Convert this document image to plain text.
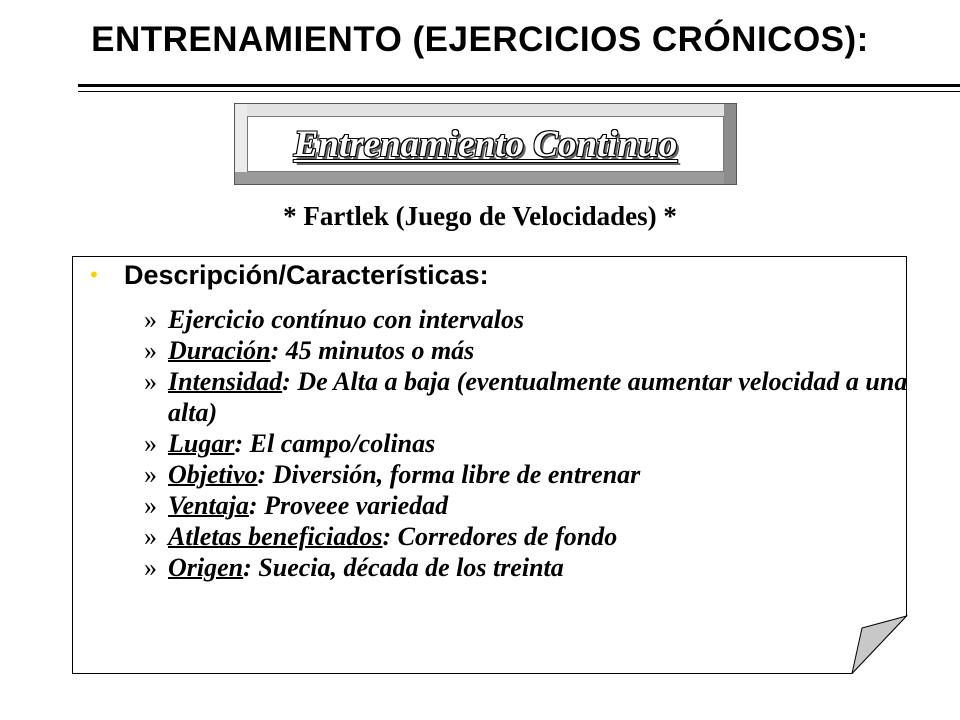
ENTRENAMIENTO (EJERCICIOS CRÓNICOS):
Entrenamiento Continuo
* Fartlek (Juego de Velocidades) *
• Descripción/Características:
» Ejercicio contínuo con intervalos
» Duración: 45 minutos o más
» Intensidad: De Alta a baja (eventualmente aumentar velocidad a una alta)
» Lugar: El campo/colinas
» Objetivo: Diversión, forma libre de entrenar
» Ventaja: Proveee variedad
» Atletas beneficiados: Corredores de fondo
» Origen: Suecia, década de los treinta
